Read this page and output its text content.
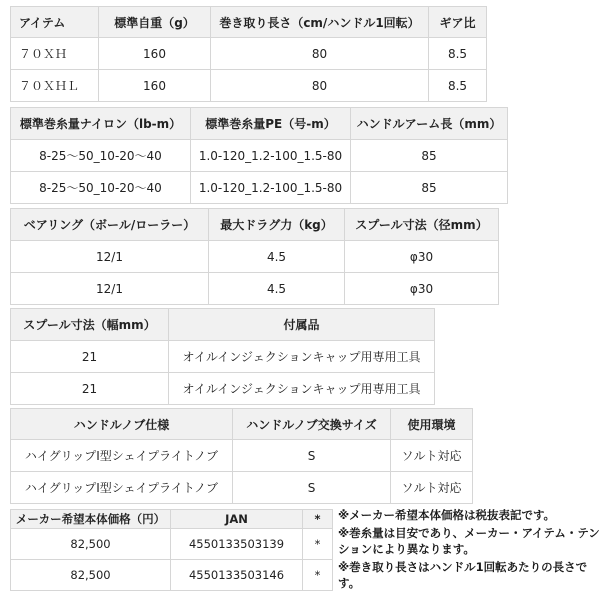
アイテム	標準自重（g）	巻き取り長さ（cm/ハンドル1回転）	ギア比
７０ＸＨ	160	80	8.5
７０ＸＨＬ	160	80	8.5
標準巻糸量ナイロン（lb-m）	標準巻糸量PE（号-m）	ハンドルアーム長（mm）
8-25〜50_10-20〜40	1.0-120_1.2-100_1.5-80	85
8-25〜50_10-20〜40	1.0-120_1.2-100_1.5-80	85
ベアリング（ボール/ローラー）	最大ドラグ力（kg）	スプール寸法（径mm）
12/1	4.5	φ30
12/1	4.5	φ30
スプール寸法（幅mm）	付属品
21	オイルインジェクションキャップ用専用工具
21	オイルインジェクションキャップ用専用工具
ハンドルノブ仕様	ハンドルノブ交換サイズ	使用環境
ハイグリップI型シェイプライトノブ	S	ソルト対応
ハイグリップI型シェイプライトノブ	S	ソルト対応
メーカー希望本体価格（円）	JAN	*
82,500	4550133503139	*
82,500	4550133503146	*

※メーカー希望本体価格は税抜表記です。

※巻糸量は目安であり、メーカー・アイテム・テンションにより異なります。

※巻き取り長さはハンドル1回転あたりの長さです。
